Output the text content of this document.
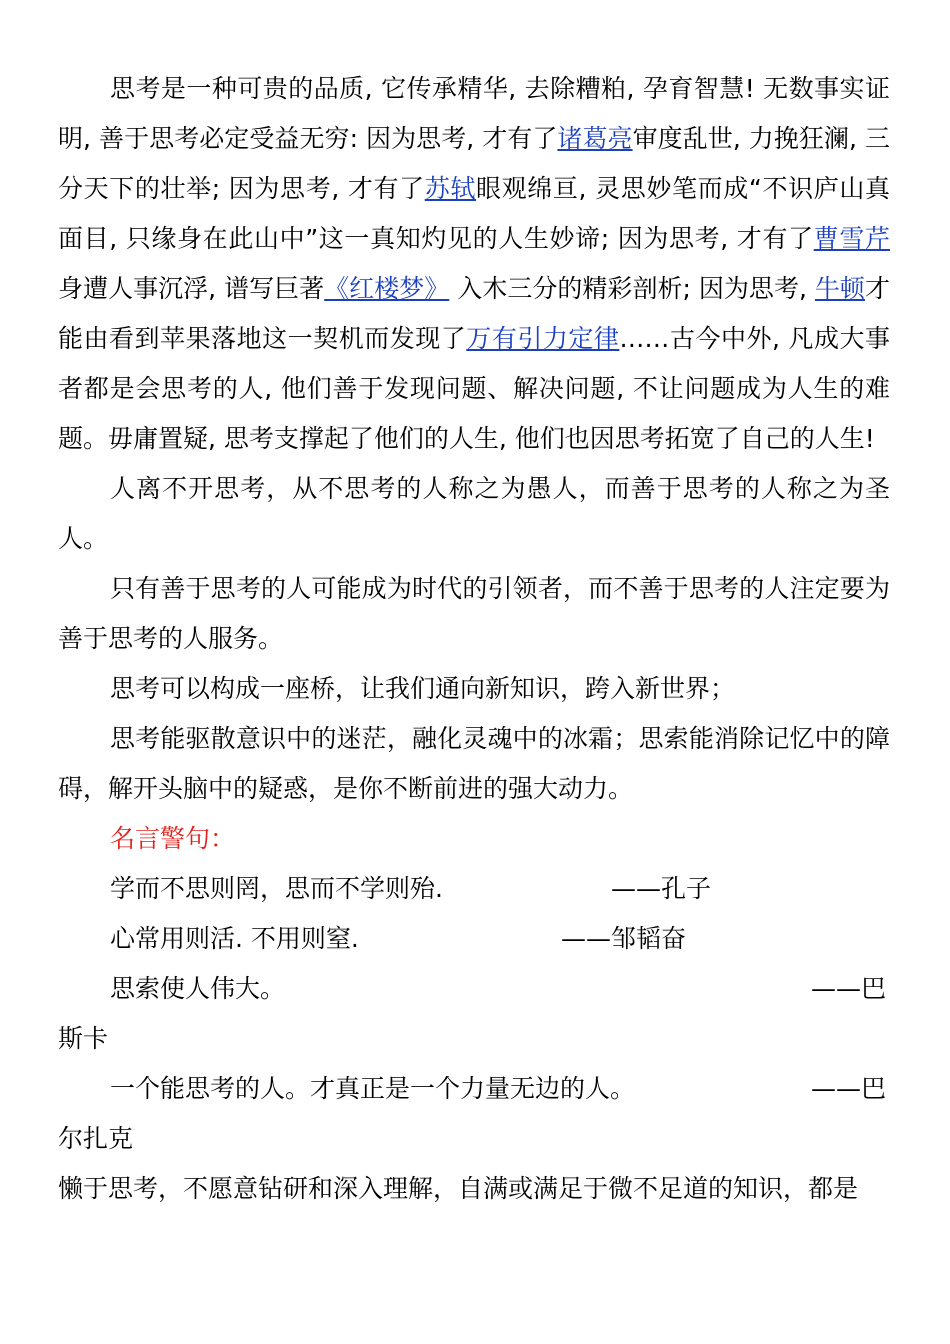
思考是一种可贵的品质, 它传承精华, 去除糟粕, 孕育智慧! 无数事实证明, 善于思考必定受益无穷: 因为思考, 才有了诸葛亮审度乱世, 力挽狂澜, 三分天下的壮举; 因为思考, 才有了苏轼眼观绵亘, 灵思妙笔而成“不识庐山真面目, 只缘身在此山中”这一真知灼见的人生妙谛; 因为思考, 才有了曹雪芹身遭人事沉浮, 谱写巨著《红楼梦》 入木三分的精彩剖析; 因为思考, 牛顿才能由看到苹果落地这一契机而发现了万有引力定律……古今中外, 凡成大事者都是会思考的人, 他们善于发现问题、解决问题, 不让问题成为人生的难题。毋庸置疑, 思考支撑起了他们的人生, 他们也因思考拓宽了自己的人生!

人离不开思考，从不思考的人称之为愚人，而善于思考的人称之为圣人。

只有善于思考的人可能成为时代的引领者，而不善于思考的人注定要为善于思考的人服务。

思考可以构成一座桥，让我们通向新知识，跨入新世界；

思考能驱散意识中的迷茫，融化灵魂中的冰霜；思索能消除记忆中的障碍，解开头脑中的疑惑，是你不断前进的强大动力。

名言警句：

学而不思则罔，思而不学则殆.	——孔子
心常用则活. 不用则窒.	——邹韬奋
思索使人伟大。	——巴
斯卡
一个能思考的人。才真正是一个力量无边的人。	——巴
尔扎克

懒于思考，不愿意钻研和深入理解，自满或满足于微不足道的知识，都是
